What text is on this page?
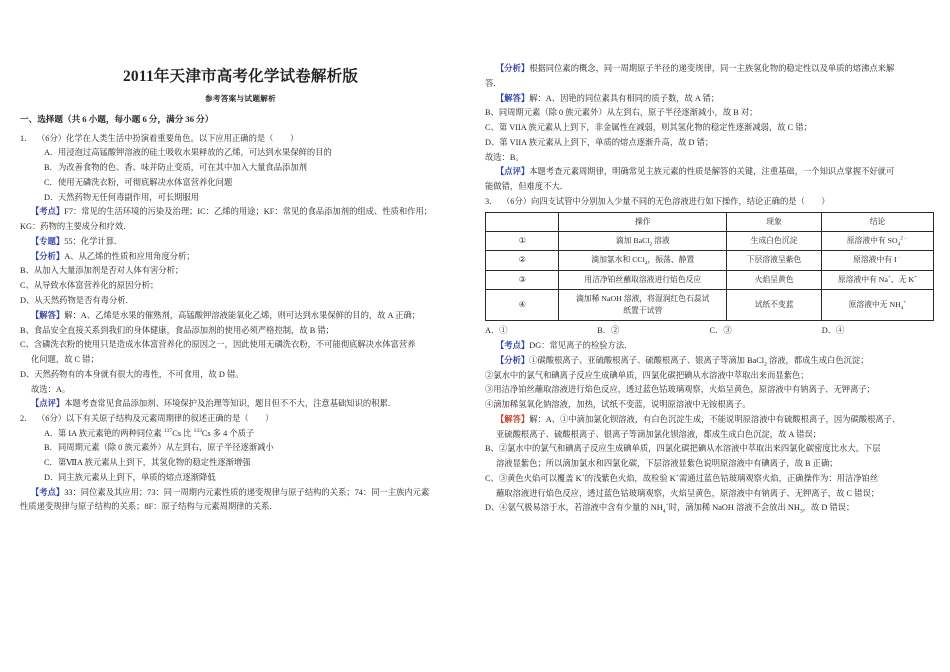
2011年天津市高考化学试卷解析版
参考答案与试题解析
一、选择题（共 6 小题，每小题 6 分，满分 36 分）
1． （6分）化学在人类生活中扮演着重要角色。以下应用正确的是（　　）
A．用浸泡过高锰酸钾溶液的硅土吸收水果释放的乙烯，可达到水果保鲜的目的
B．为改善食物的色、香、味并防止变质，可在其中加入大量食品添加剂
C．使用无磷洗衣粉，可彻底解决水体富营养化问题
D．天然药物无任何毒副作用，可长期服用
【考点】F7：常见的生活环境的污染及治理；IC：乙烯的用途；KF：常见的食品添加剂的组成、性质和作用；
KG：药物的主要成分和疗效．
【专题】55：化学计算．
【分析】A、从乙烯的性质和应用角度分析；
B、从加入大量添加剂是否对人体有害分析；
C、从导致水体富营养化的原因分析；
D、从天然药物是否有毒分析．
【解答】解：A、乙烯是水果的催熟剂，高锰酸钾溶液能氧化乙烯，则可达到水果保鲜的目的，故 A 正确；
B、食品安全直接关系到我们的身体健康，食品添加剂的使用必须严格控制，故 B 错；
C、含磷洗衣粉的使用只是造成水体富营养化的原因之一，因此使用无磷洗衣粉，不可能彻底解决水体富营养
化问题，故 C 错；
D、天然药物有的本身就有很大的毒性，不可食用，故 D 错。
故选：A。
【点评】本题考查常见食品添加剂、环境保护及治理等知识，题目但不不大，注意基础知识的积累．
2． （6分）以下有关原子结构及元素周期律的叙述正确的是（　　）
A．第 IA 族元素铯的两种同位素 $^{137}$Cs 比 $^{133}$Cs 多 4 个质子
B．同周期元素（除 0 族元素外）从左到右，原子半径逐渐减小
C．第ⅦA 族元素从上到下，其氢化物的稳定性逐渐增强
D．同主族元素从上到下，单质的熔点逐渐降低
【考点】33：同位素及其应用；73：同一周期内元素性质的递变规律与原子结构的关系；74：同一主族内元素
性质递变规律与原子结构的关系；8F：原子结构与元素周期律的关系．
【分析】根据同位素的概念，同一周期原子半径的递变规律，同一主族氢化物的稳定性以及单质的熔沸点来解
答．
【解答】解：A、因铯的同位素具有相同的质子数，故 A 错；
B、同周期元素（除 0 族元素外）从左到右，原子半径逐渐减小，故 B 对；
C、第 VIIA 族元素从上到下，非金属性在减弱，则其氢化物的稳定性逐渐减弱，故 C 错；
D、第 VIIA 族元素从上到下，单质的熔点逐渐升高，故 D 错；
故选：B。
【点评】本题考查元素周期律，明确常见主族元素的性质是解答的关键，注重基础，一个知识点掌握不好就可
能做错，但难度不大．
3． （6分）向四支试管中分别加入少量不同的无色溶液进行如下操作，结论正确的是（　　）
	操作	现象	结论
①	滴加 BaCl$_2$ 溶液	生成白色沉淀	原溶液中有 $SO_4^{2﹣}$
②	滴加氯水和 CCl$_4$，振荡、静置	下层溶液呈紫色	原溶液中有 I﹣
③	用洁净铂丝蘸取溶液进行焰色反应	火焰呈黄色	原溶液中有 Na+、无 K+
④	滴加稀 NaOH 溶液，将湿润红色石蕊试
纸置于试管	试纸不变蓝	原溶液中无 $NH_4^+$
A．①	B．②	C．③	D．④
【考点】DG：常见离子的检验方法．
【分析】①碳酸根离子、亚硫酸根离子、硫酸根离子、银离子等滴加 BaCl$_2$ 溶液，都成生成白色沉淀；
②氯水中的氯气和碘离子反应生成碘单质，四氯化碳把碘从水溶液中萃取出来而显紫色；
③用洁净铂丝蘸取溶液进行焰色反应，透过蓝色钴玻璃观察，火焰呈黄色，原溶液中有钠离子、无钾离子；
④滴加稀氢氧化钠溶液，加热，试纸不变蓝，说明原溶液中无铵根离子。
【解答】解：A、①中滴加氯化钡溶液，有白色沉淀生成，不能说明原溶液中有硫酸根离子，因为碳酸根离子、
亚硫酸根离子、硫酸根离子、银离子等滴加氯化钡溶液，都成生成白色沉淀，故 A 错误；
B、②氯水中的氯气和碘离子反应生成碘单质，四氯化碳把碘从水溶液中萃取出来四氯化碳密度比水大。下层
溶液显紫色；所以滴加氯水和四氯化碳，下层溶液显紫色说明原溶液中有碘离子，故 B 正确；
C、③黄色火焰可以覆盖 K+的浅紫色火焰，故检验 K+需通过蓝色钴玻璃观察火焰，正确操作为：用洁净铂丝
蘸取溶液进行焰色反应，透过蓝色钴玻璃观察，火焰呈黄色，原溶液中有钠离子、无钾离子，故 C 错误；
D、④氨气极易溶于水，若溶液中含有少量的 $NH_4^+$时，滴加稀 NaOH 溶液不会放出 $NH_3$，故 D 错误；
